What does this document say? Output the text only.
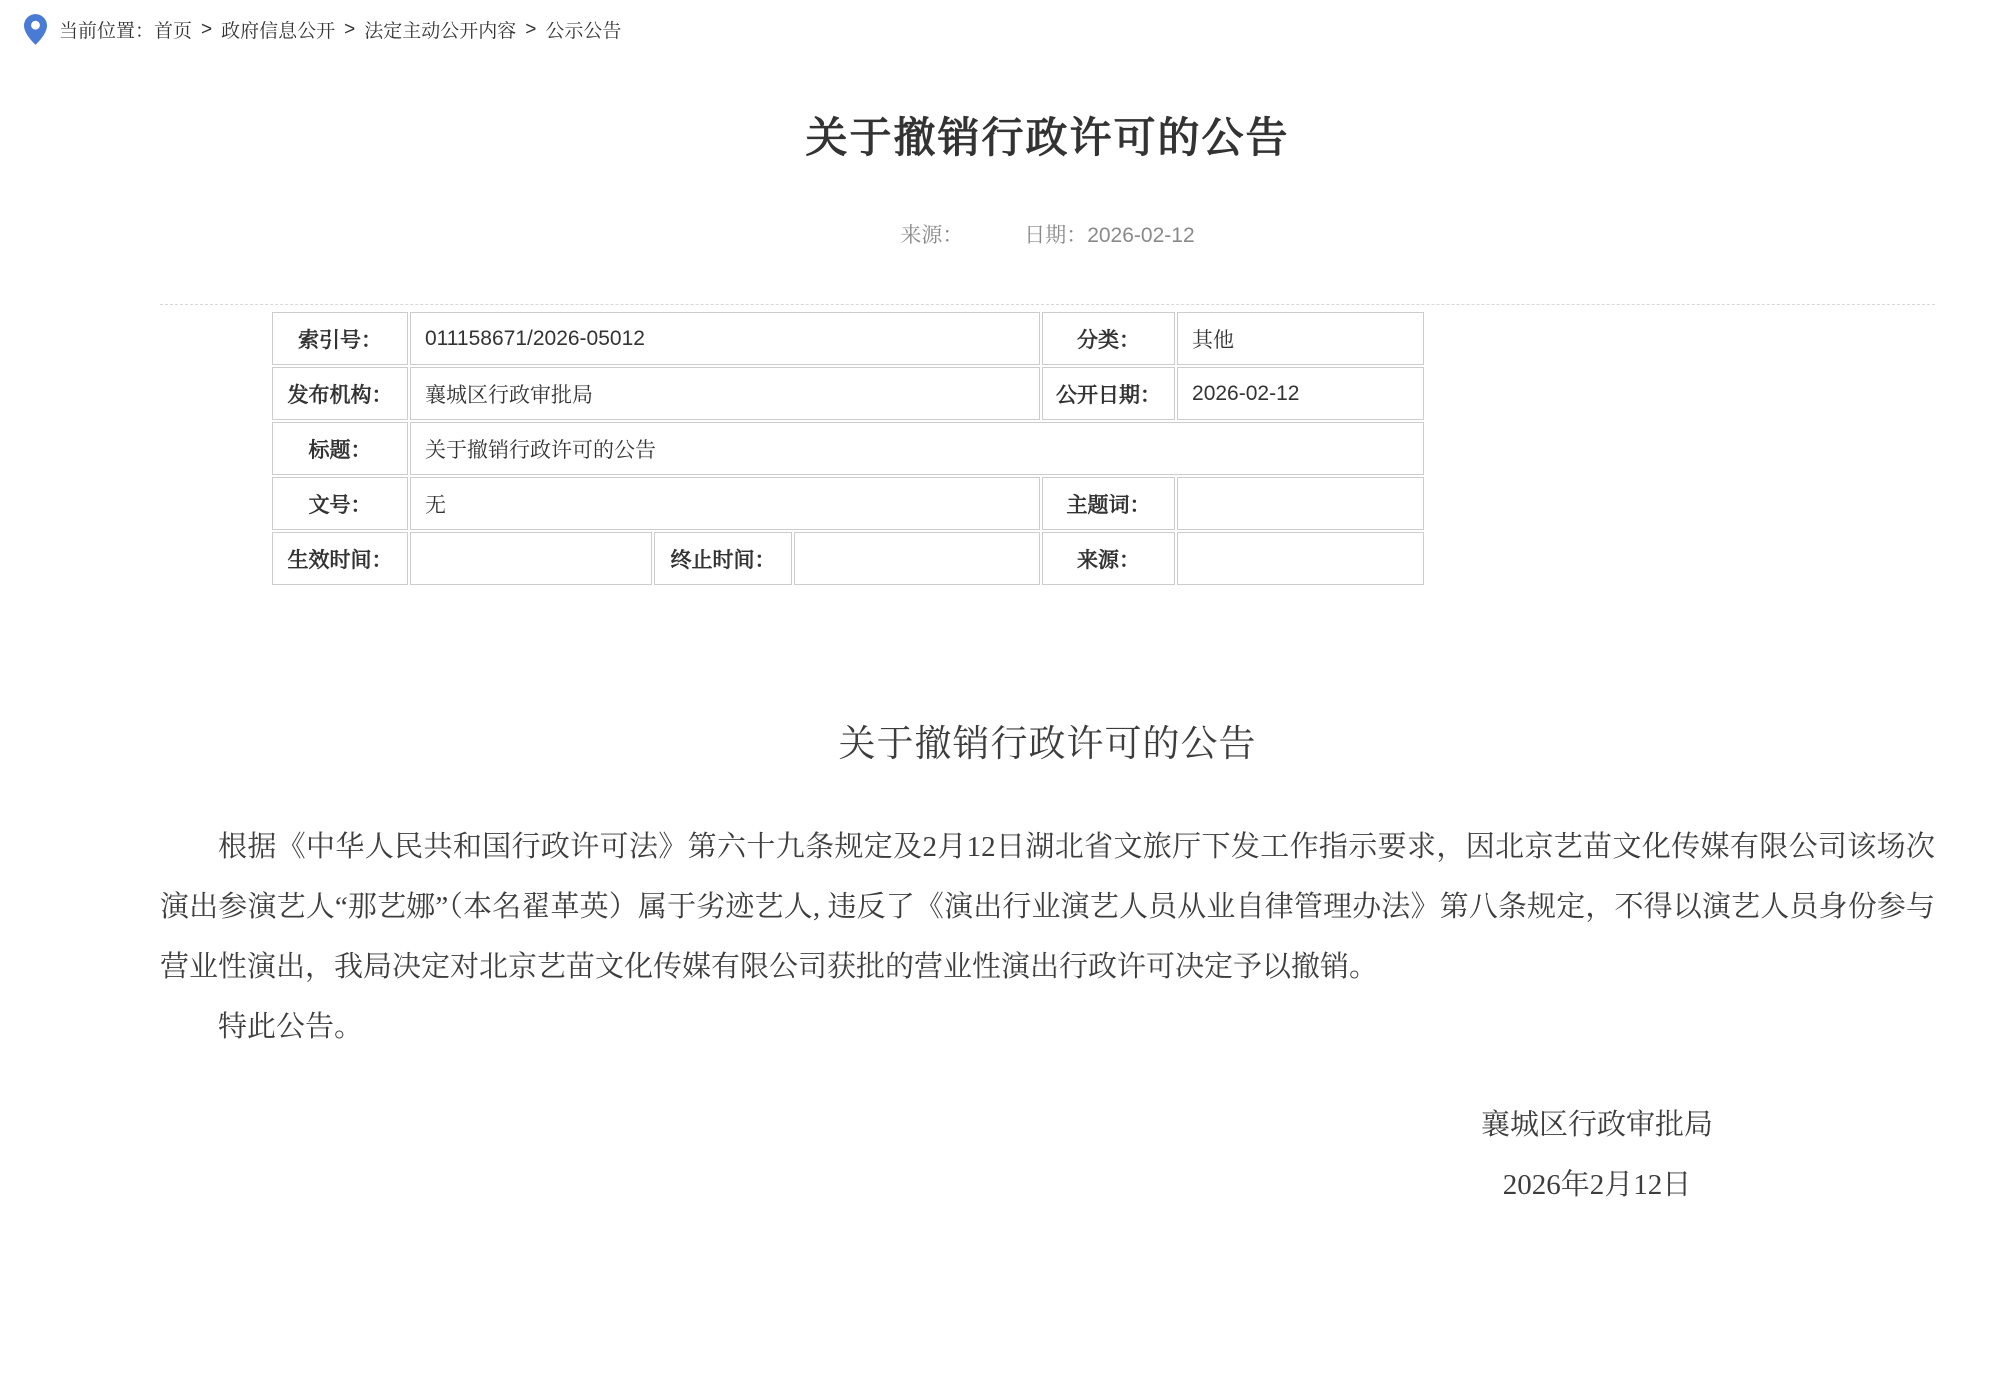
当前位置： 首页 > 政府信息公开 > 法定主动公开内容 > 公示公告
关于撤销行政许可的公告
来源：	日期：2026-02-12
索引号：	011158671/2026-05012			分类：	其他
发布机构：	襄城区行政审批局			公开日期：	2026-02-12
标题：	关于撤销行政许可的公告				
文号：	无			主题词：	
生效时间：		终止时间：		来源：	
关于撤销行政许可的公告

根据《中华人民共和国行政许可法》第六十九条规定及2月12日湖北省文旅厅下发工作指示要求，因北京艺苗文化传媒有限公司该场次演出参演艺人“那艺娜”（本名翟革英）属于劣迹艺人, 违反了《演出行业演艺人员从业自律管理办法》第八条规定，不得以演艺人员身份参与营业性演出，我局决定对北京艺苗文化传媒有限公司获批的营业性演出行政许可决定予以撤销。

特此公告。

襄城区行政审批局
2026年2月12日
